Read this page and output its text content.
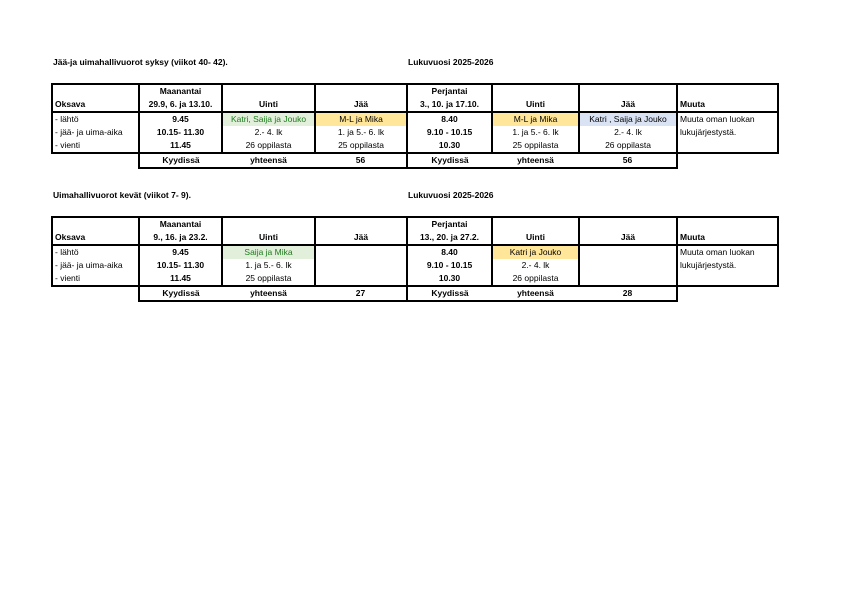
Jää-ja uimahallivuorot syksy (viikot 40- 42).	Lukuvuosi 2025-2026
	Maanantai			Perjantai			
Oksava	29.9, 6. ja 13.10.	Uinti	Jää	3., 10. ja 17.10.	Uinti	Jää	Muuta
- lähtö	9.45	Katri, Saija ja Jouko	M-L ja Mika	8.40	M-L ja Mika	Katri , Saija ja Jouko	Muuta oman luokan
- jää- ja uima-aika	10.15- 11.30	2.- 4. lk	1. ja 5.- 6. lk	9.10 - 10.15	1. ja 5.- 6. lk	2.- 4. lk	lukujärjestystä.
- vienti	11.45	26 oppilasta	25 oppilasta	10.30	25 oppilasta	26 oppilasta	
	Kyydissä	yhteensä	56	Kyydissä	yhteensä	56	
Uimahallivuorot kevät (viikot 7- 9).	Lukuvuosi 2025-2026
	Maanantai			Perjantai			
Oksava	9., 16. ja 23.2.	Uinti	Jää	13., 20. ja 27.2.	Uinti	Jää	Muuta
- lähtö	9.45	Saija ja Mika		8.40	Katri ja Jouko		Muuta oman luokan
- jää- ja uima-aika	10.15- 11.30	1. ja 5.- 6. lk		9.10 - 10.15	2.- 4. lk		lukujärjestystä.
- vienti	11.45	25 oppilasta		10.30	26 oppilasta		
	Kyydissä	yhteensä	27	Kyydissä	yhteensä	28	
